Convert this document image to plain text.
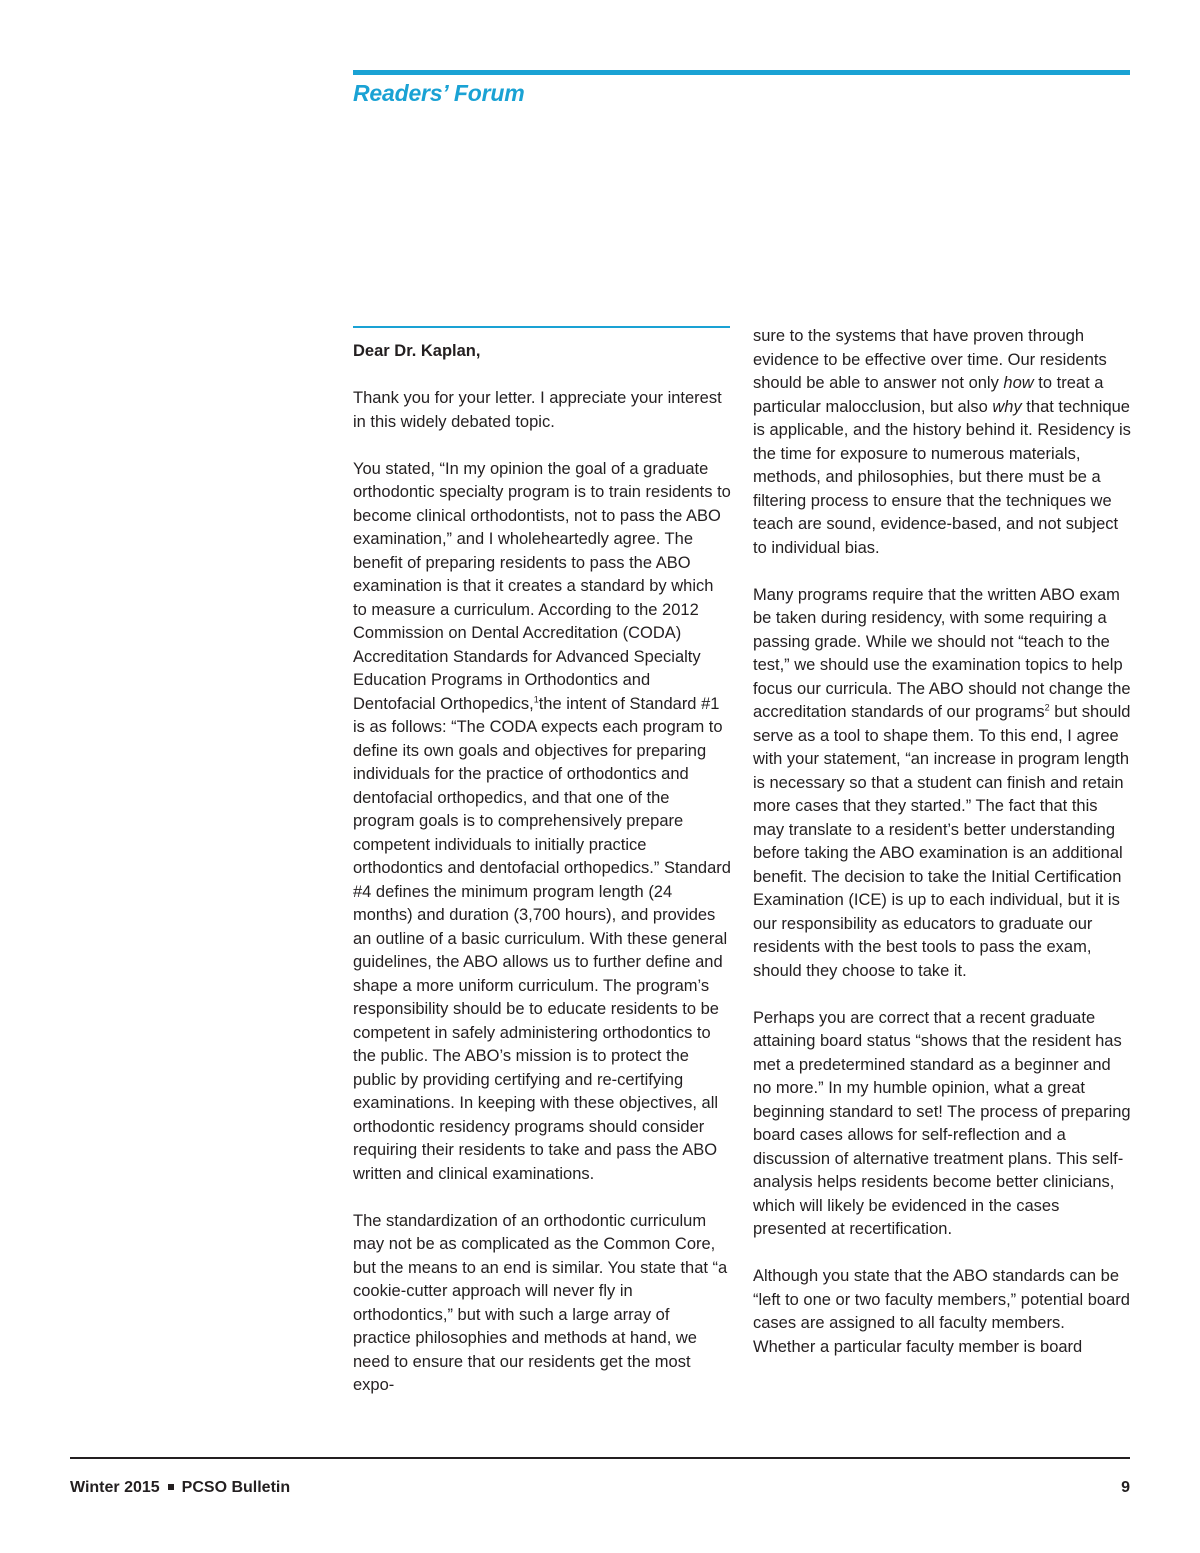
Readers’ Forum

Dear Dr. Kaplan,

Thank you for your letter. I appreciate your interest in this widely debated topic.

You stated, “In my opinion the goal of a graduate orthodontic specialty program is to train residents to become clinical orthodontists, not to pass the ABO examination,” and I wholeheartedly agree. The benefit of preparing residents to pass the ABO examination is that it creates a standard by which to measure a curriculum. According to the 2012 Commission on Dental Accreditation (CODA) Accreditation Standards for Advanced Specialty Education Programs in Orthodontics and Dentofacial Orthopedics,$^1$the intent of Standard #1 is as follows: “The CODA expects each program to define its own goals and objectives for preparing individuals for the practice of orthodontics and dentofacial orthopedics, and that one of the program goals is to comprehensively prepare competent individuals to initially practice orthodontics and dentofacial orthopedics.” Standard #4 defines the minimum program length (24 months) and duration (3,700 hours), and provides an outline of a basic curriculum. With these general guidelines, the ABO allows us to further define and shape a more uniform curriculum. The program’s responsibility should be to educate residents to be competent in safely administering orthodontics to the public. The ABO’s mission is to protect the public by providing certifying and re-certifying examinations. In keeping with these objectives, all orthodontic residency programs should consider requiring their residents to take and pass the ABO written and clinical examinations.

The standardization of an orthodontic curriculum may not be as complicated as the Common Core, but the means to an end is similar. You state that “a cookie-cutter approach will never fly in orthodontics,” but with such a large array of practice philosophies and methods at hand, we need to ensure that our residents get the most expo-

sure to the systems that have proven through evidence to be effective over time. Our residents should be able to answer not only how to treat a particular malocclusion, but also why that technique is applicable, and the history behind it. Residency is the time for exposure to numerous materials, methods, and philosophies, but there must be a filtering process to ensure that the techniques we teach are sound, evidence-based, and not subject to individual bias.

Many programs require that the written ABO exam be taken during residency, with some requiring a passing grade. While we should not “teach to the test,” we should use the examination topics to help focus our curricula. The ABO should not change the accreditation standards of our programs$^2$ but should serve as a tool to shape them. To this end, I agree with your statement, “an increase in program length is necessary so that a student can finish and retain more cases that they started.” The fact that this may translate to a resident’s better understanding before taking the ABO examination is an additional benefit. The decision to take the Initial Certification Examination (ICE) is up to each individual, but it is our responsibility as educators to graduate our residents with the best tools to pass the exam, should they choose to take it.

Perhaps you are correct that a recent graduate attaining board status “shows that the resident has met a predetermined standard as a beginner and no more.” In my humble opinion, what a great beginning standard to set! The process of preparing board cases allows for self-reflection and a discussion of alternative treatment plans. This self-analysis helps residents become better clinicians, which will likely be evidenced in the cases presented at recertification.

Although you state that the ABO standards can be “left to one or two faculty members,” potential board cases are assigned to all faculty members. Whether a particular faculty member is board

Winter 2015 PCSO Bulletin	9
